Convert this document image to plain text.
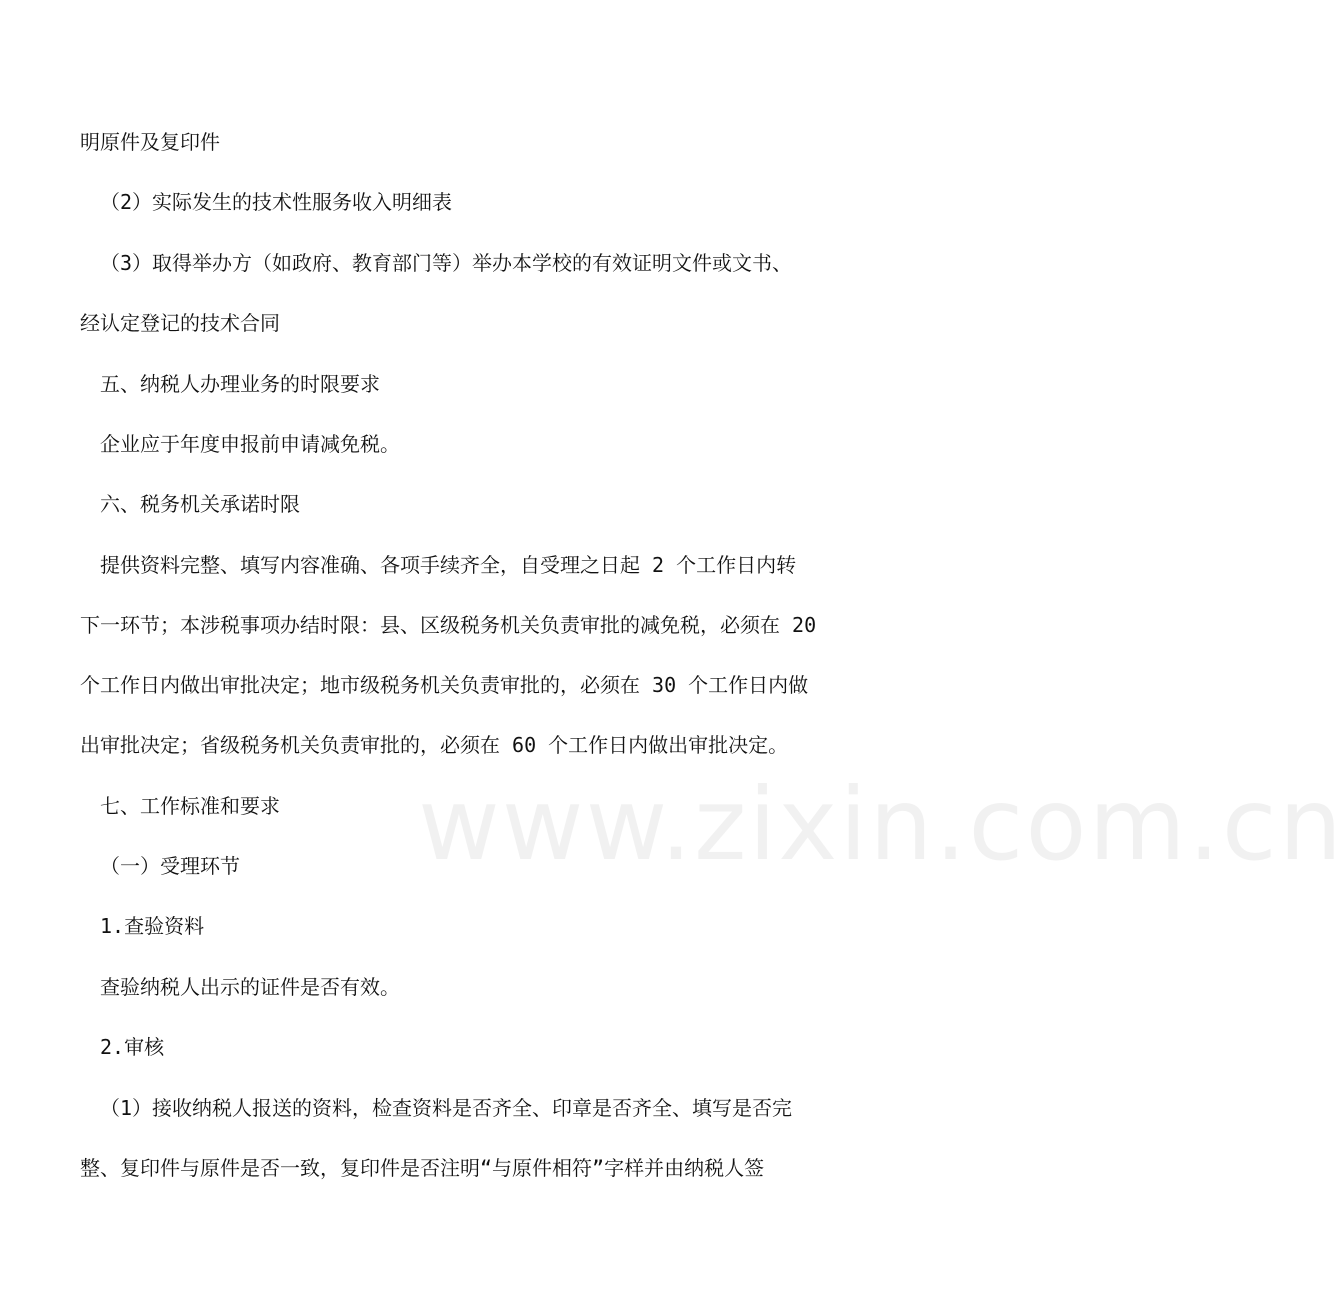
明原件及复印件
（2）实际发生的技术性服务收入明细表
（3）取得举办方（如政府、教育部门等）举办本学校的有效证明文件或文书、
经认定登记的技术合同
五、纳税人办理业务的时限要求
企业应于年度申报前申请减免税。
六、税务机关承诺时限
提供资料完整、填写内容准确、各项手续齐全，自受理之日起 2 个工作日内转
下一环节；本涉税事项办结时限：县、区级税务机关负责审批的减免税，必须在 20
个工作日内做出审批决定；地市级税务机关负责审批的，必须在 30 个工作日内做
出审批决定；省级税务机关负责审批的，必须在 60 个工作日内做出审批决定。
七、工作标准和要求
（一）受理环节
1.查验资料
查验纳税人出示的证件是否有效。
2.审核
（1）接收纳税人报送的资料，检查资料是否齐全、印章是否齐全、填写是否完
整、复印件与原件是否一致，复印件是否注明“与原件相符”字样并由纳税人签
www.zixin.com.cn
